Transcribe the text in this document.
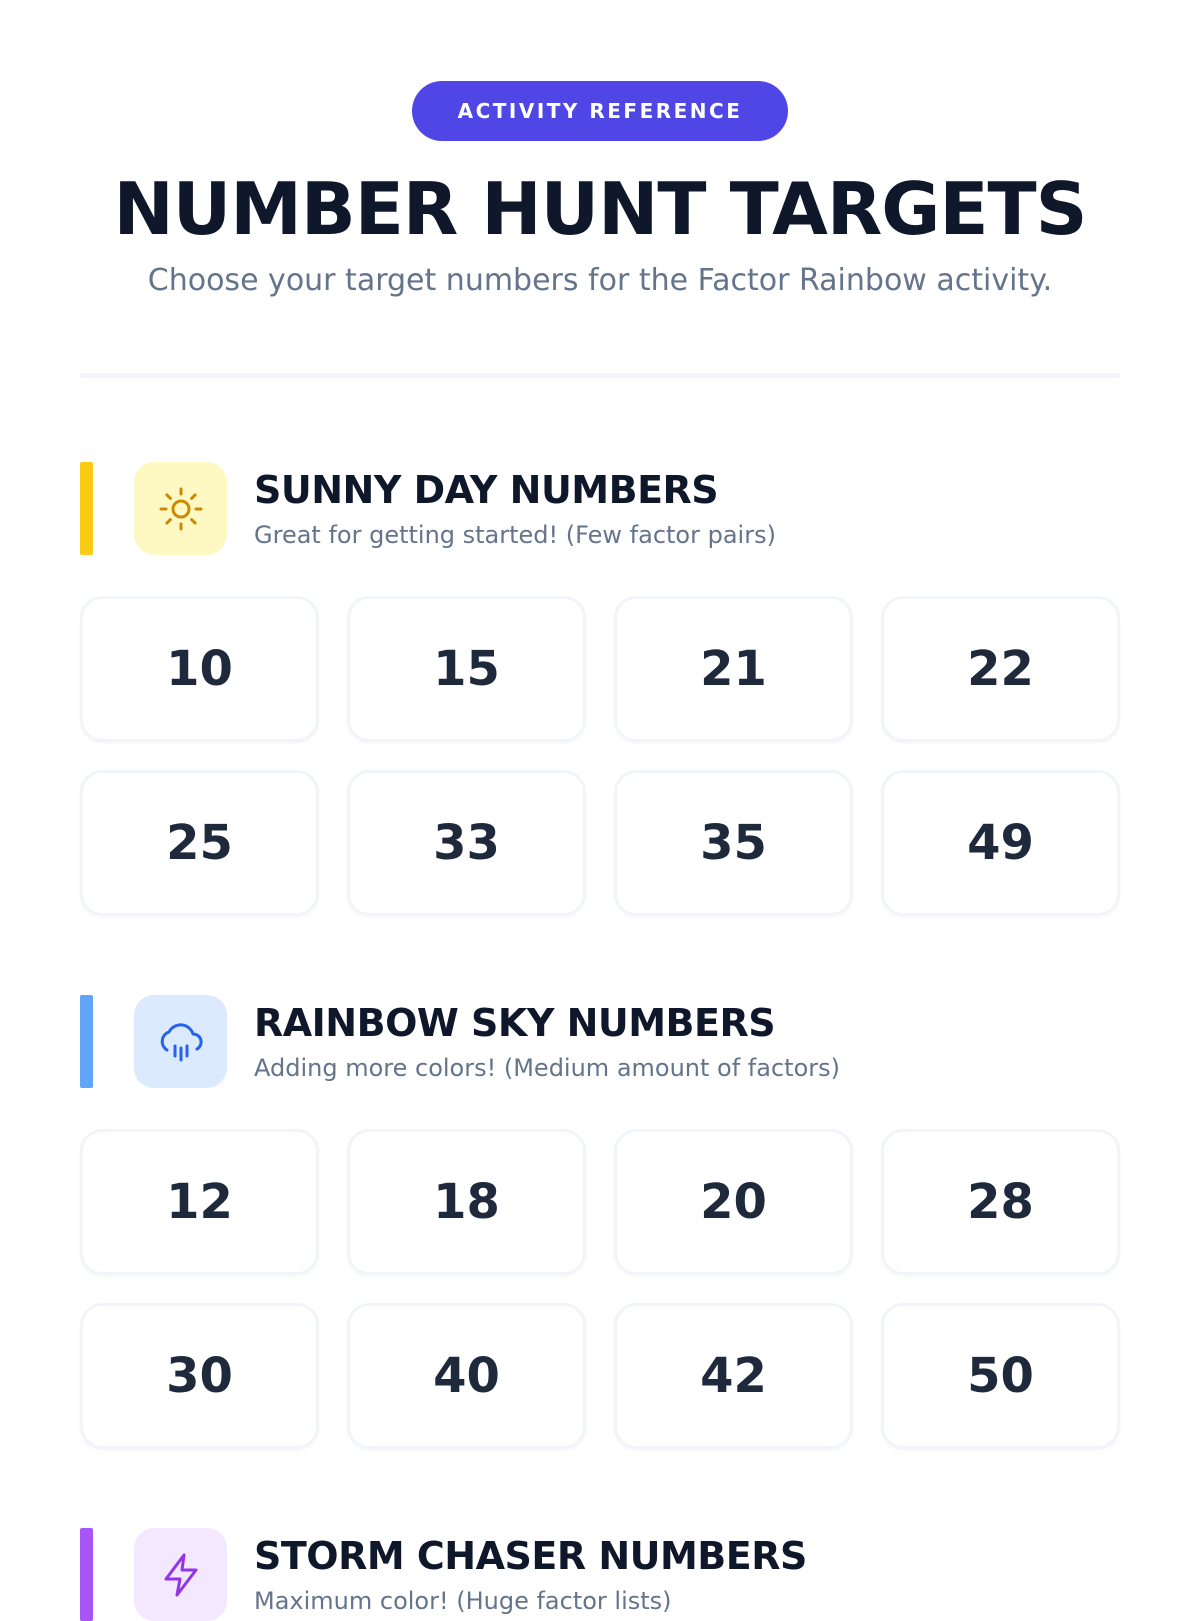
ACTIVITY REFERENCE
NUMBER HUNT TARGETS
Choose your target numbers for the Factor Rainbow activity.
SUNNY DAY NUMBERS
Great for getting started! (Few factor pairs)
10	15	21	22
25	33	35	49
RAINBOW SKY NUMBERS
Adding more colors! (Medium amount of factors)
12	18	20	28
30	40	42	50
STORM CHASER NUMBERS
Maximum color! (Huge factor lists)
